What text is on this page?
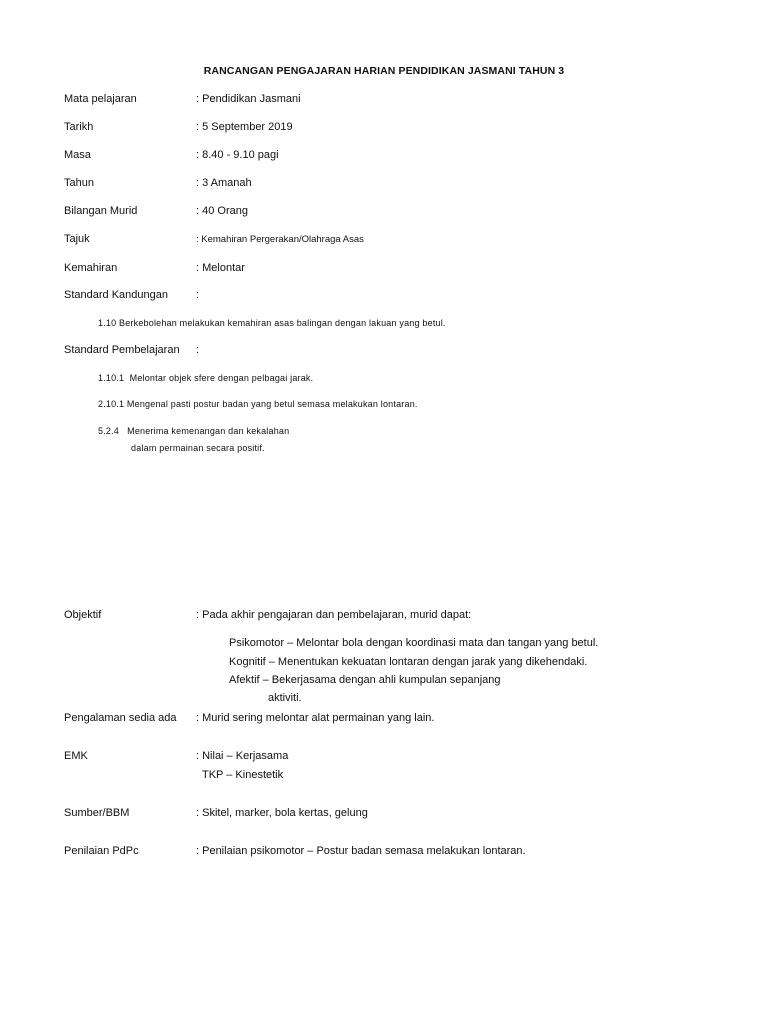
RANCANGAN PENGAJARAN HARIAN PENDIDIKAN JASMANI TAHUN 3
Mata pelajaran	: Pendidikan Jasmani
Tarikh	: 5 September 2019
Masa	: 8.40 - 9.10 pagi
Tahun	: 3 Amanah
Bilangan Murid	: 40 Orang
Tajuk	: Kemahiran Pergerakan/Olahraga Asas
Kemahiran	: Melontar
Standard Kandungan	:
1.10 Berkebolehan melakukan kemahiran asas balingan dengan lakuan yang betul.
Standard Pembelajaran :
1.10.1  Melontar objek sfere dengan pelbagai jarak.
2.10.1 Mengenal pasti postur badan yang betul semasa melakukan lontaran.
5.2.4   Menerima kemenangan dan kekalahan
dalam permainan secara positif.
Objektif	: Pada akhir pengajaran dan pembelajaran, murid dapat:
Psikomotor – Melontar bola dengan koordinasi mata dan tangan yang betul.
Kognitif – Menentukan kekuatan lontaran dengan jarak yang dikehendaki.
Afektif – Bekerjasama dengan ahli kumpulan sepanjang
aktiviti.
Pengalaman sedia ada : Murid sering melontar alat permainan yang lain.
EMK	: Nilai – Kerjasama
TKP – Kinestetik
Sumber/BBM	: Skitel, marker, bola kertas, gelung
Penilaian PdPc	: Penilaian psikomotor – Postur badan semasa melakukan lontaran.
